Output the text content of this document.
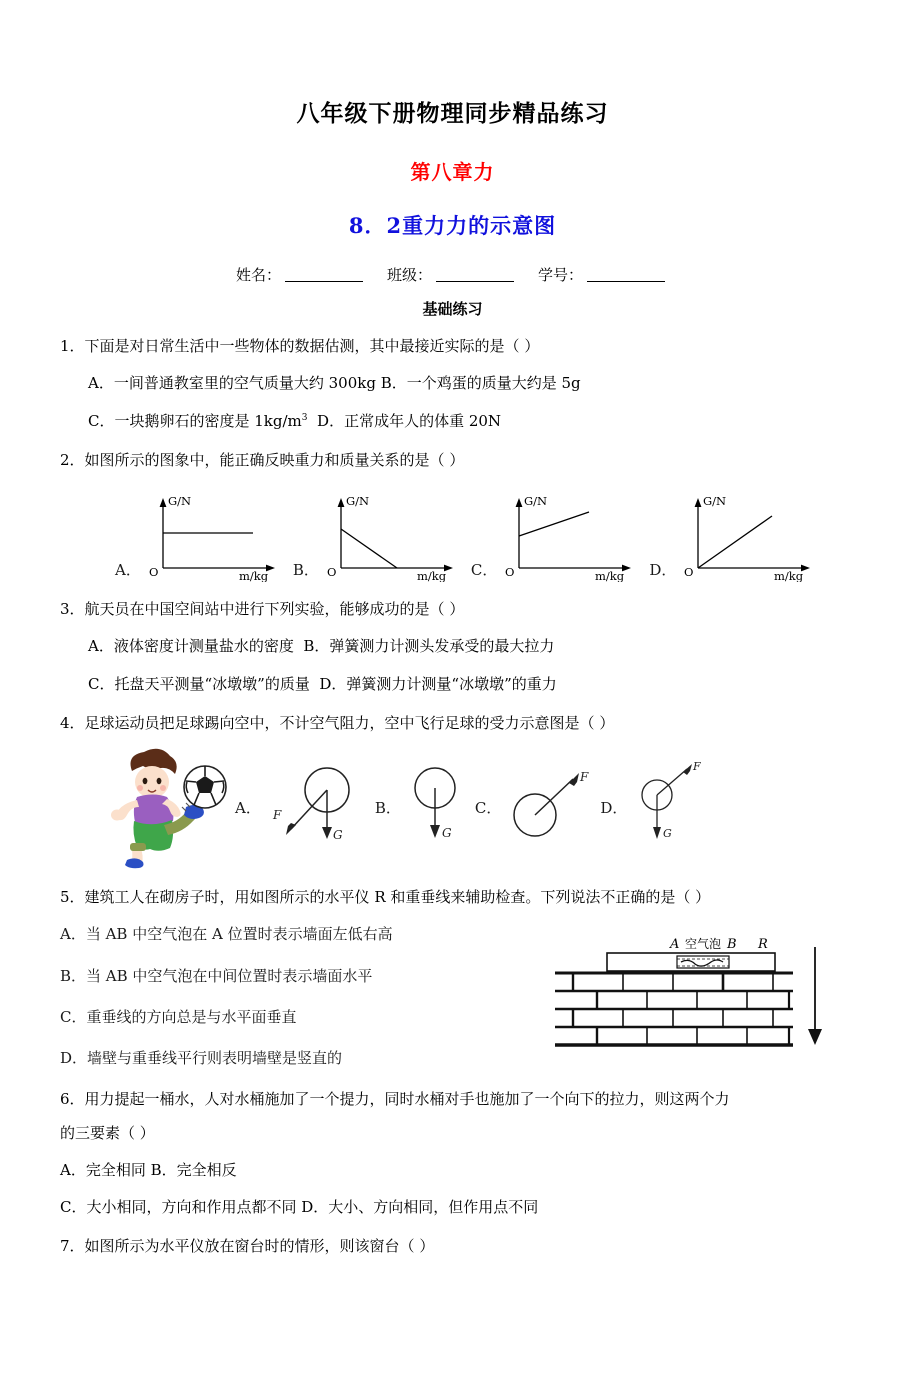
八年级下册物理同步精品练习
第八章力
8．2重力力的示意图
姓名：	班级：	学号：
基础练习
1．下面是对日常生活中一些物体的数据估测，其中最接近实际的是（ ）
A．一间普通教室里的空气质量大约 300kg B．一个鸡蛋的质量大约是 5g
C．一块鹅卵石的密度是 $1kg/m^3$ D．正常成年人的体重 20N
2．如图所示的图象中，能正确反映重力和质量关系的是（ ）
A．
G/N
O	m/kg B．
G/N
O	m/kg C．
G/N
O	m/kg D．
G/N
O	m/kg
3．航天员在中国空间站中进行下列实验，能够成功的是（ ）
A．液体密度计测量盐水的密度 B．弹簧测力计测头发承受的最大拉力
C．托盘天平测量“冰墩墩”的质量 D．弹簧测力计测量“冰墩墩”的重力
4．足球运动员把足球踢向空中，不计空气阻力，空中飞行足球的受力示意图是（ ）
A．	F
G
B．
G
C．
F
D．
F
G
5．建筑工人在砌房子时，用如图所示的水平仪 R 和重垂线来辅助检查。下列说法不正确的是（ ）
A．当 AB 中空气泡在 A 位置时表示墙面左低右高
B．当 AB 中空气泡在中间位置时表示墙面水平
C．重垂线的方向总是与水平面垂直
D．墙壁与重垂线平行则表明墙壁是竖直的
A 空气泡 B R
6．用力提起一桶水，人对水桶施加了一个提力，同时水桶对手也施加了一个向下的拉力，则这两个力
的三要素（ ）
A．完全相同 B．完全相反
C．大小相同，方向和作用点都不同 D．大小、方向相同，但作用点不同
7．如图所示为水平仪放在窗台时的情形，则该窗台（ ）
